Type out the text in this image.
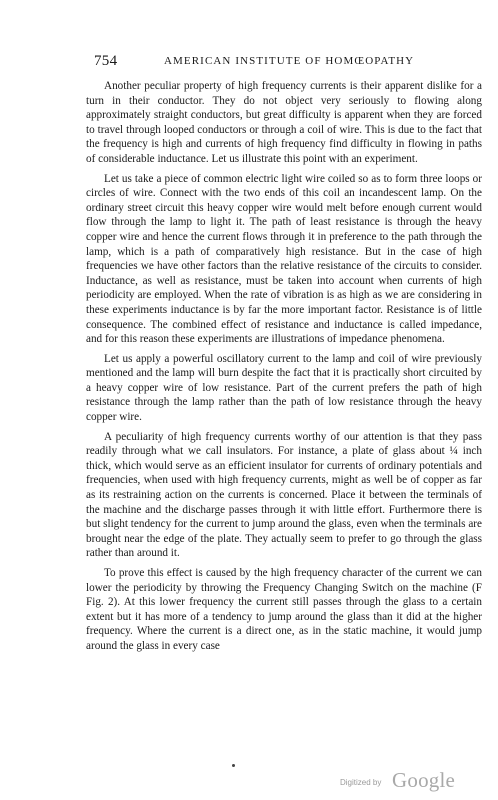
754	AMERICAN INSTITUTE OF HOMŒOPATHY

Another peculiar property of high frequency currents is their apparent dislike for a turn in their conductor. They do not object very seriously to flowing along approximately straight conductors, but great difficulty is apparent when they are forced to travel through looped conductors or through a coil of wire. This is due to the fact that the frequency is high and currents of high frequency find difficulty in flowing in paths of considerable inductance. Let us illustrate this point with an experiment.

Let us take a piece of common electric light wire coiled so as to form three loops or circles of wire. Connect with the two ends of this coil an incandescent lamp. On the ordinary street circuit this heavy copper wire would melt before enough current would flow through the lamp to light it. The path of least resistance is through the heavy copper wire and hence the current flows through it in preference to the path through the lamp, which is a path of comparatively high resistance. But in the case of high frequencies we have other factors than the relative resistance of the circuits to consider. Inductance, as well as resistance, must be taken into account when currents of high periodicity are employed. When the rate of vibration is as high as we are considering in these experiments inductance is by far the more important factor. Resistance is of little consequence. The combined effect of resistance and inductance is called impedance, and for this reason these experiments are illustrations of impedance phenomena.

Let us apply a powerful oscillatory current to the lamp and coil of wire previously mentioned and the lamp will burn despite the fact that it is practically short circuited by a heavy copper wire of low resistance. Part of the current prefers the path of high resistance through the lamp rather than the path of low resistance through the heavy copper wire.

A peculiarity of high frequency currents worthy of our attention is that they pass readily through what we call insulators. For instance, a plate of glass about ¼ inch thick, which would serve as an efficient insulator for currents of ordinary potentials and frequencies, when used with high frequency currents, might as well be of copper as far as its restraining action on the currents is concerned. Place it between the terminals of the machine and the discharge passes through it with little effort. Furthermore there is but slight tendency for the current to jump around the glass, even when the terminals are brought near the edge of the plate. They actually seem to prefer to go through the glass rather than around it.

To prove this effect is caused by the high frequency character of the current we can lower the periodicity by throwing the Frequency Changing Switch on the machine (F Fig. 2). At this lower frequency the current still passes through the glass to a certain extent but it has more of a tendency to jump around the glass than it did at the higher frequency. Where the current is a direct one, as in the static machine, it would jump around the glass in every case

Digitized by Google
